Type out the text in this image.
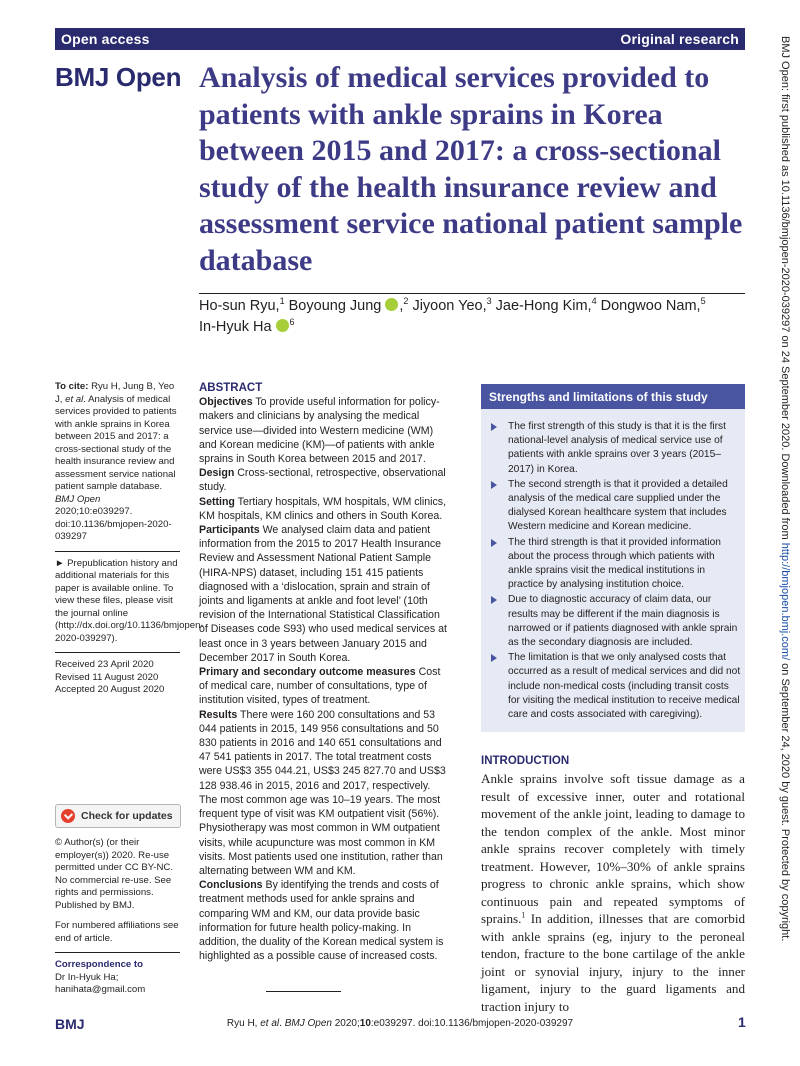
Open access	Original research
BMJ Open Analysis of medical services provided to patients with ankle sprains in Korea between 2015 and 2017: a cross-sectional study of the health insurance review and assessment service national patient sample database
Ho-sun Ryu,$^1$ Boyoung Jung ,$^2$ Jiyoon Yeo,$^3$ Jae-Hong Kim,$^4$ Dongwoo Nam,$^5$
In-Hyuk Ha $^6$	BMJ Open: first published as 10.1136/bmjopen-2020-039297 on 24 September 2020. Downloaded from http://bmjopen.bmj.com/ on September 24, 2020 by guest. Protected by copyright.

To cite: Ryu H, Jung B, Yeo J, et al. Analysis of medical services provided to patients with ankle sprains in Korea between 2015 and 2017: a cross-sectional study of the health insurance review and assessment service national patient sample database. BMJ Open 2020;10:e039297. doi:10.1136/bmjopen-2020-039297

► Prepublication history and additional materials for this paper is available online. To view these files, please visit the journal online (http://dx.doi.org/10.1136/bmjopen-2020-039297).

Received 23 April 2020

Revised 11 August 2020

Accepted 20 August 2020

Check for updates

© Author(s) (or their employer(s)) 2020. Re-use permitted under CC BY-NC. No commercial re-use. See rights and permissions. Published by BMJ.

For numbered affiliations see end of article.

Correspondence to

Dr In-Hyuk Ha;

hanihata@gmail.com

ABSTRACT

Objectives To provide useful information for policy-makers and clinicians by analysing the medical service use—divided into Western medicine (WM) and Korean medicine (KM)—of patients with ankle sprains in South Korea between 2015 and 2017.

Design Cross-sectional, retrospective, observational study.

Setting Tertiary hospitals, WM hospitals, WM clinics, KM hospitals, KM clinics and others in South Korea.

Participants We analysed claim data and patient information from the 2015 to 2017 Health Insurance Review and Assessment National Patient Sample (HIRA-NPS) dataset, including 151 415 patients diagnosed with a ‘dislocation, sprain and strain of joints and ligaments at ankle and foot level’ (10th revision of the International Statistical Classification of Diseases code S93) who used medical services at least once in 3 years between January 2015 and December 2017 in South Korea.

Primary and secondary outcome measures Cost of medical care, number of consultations, type of institution visited, types of treatment.

Results There were 160 200 consultations and 53 044 patients in 2015, 149 956 consultations and 50 830 patients in 2016 and 140 651 consultations and 47 541 patients in 2017. The total treatment costs were US$3 355 044.21, US$3 245 827.70 and US$3 128 938.46 in 2015, 2016 and 2017, respectively. The most common age was 10–19 years. The most frequent type of visit was KM outpatient visit (56%). Physiotherapy was most common in WM outpatient visits, while acupuncture was most common in KM visits. Most patients used one institution, rather than alternating between WM and KM.

Conclusions By identifying the trends and costs of treatment methods used for ankle sprains and comparing WM and KM, our data provide basic information for future health policy-making. In addition, the duality of the Korean medical system is highlighted as a possible cause of increased costs.

Strengths and limitations of this study
The first strength of this study is that it is the first national-level analysis of medical service use of patients with ankle sprains over 3 years (2015–2017) in Korea.
The second strength is that it provided a detailed analysis of the medical care supplied under the dialysed Korean healthcare system that includes Western medicine and Korean medicine.
The third strength is that it provided information about the process through which patients with ankle sprains visit the medical institutions in practice by analysing institution choice.
Due to diagnostic accuracy of claim data, our results may be different if the main diagnosis is narrowed or if patients diagnosed with ankle sprain as the secondary diagnosis are included.
The limitation is that we only analysed costs that occurred as a result of medical services and did not include non-medical costs (including transit costs for visiting the medical institution to receive medical care and costs associated with caregiving).
INTRODUCTION
Ankle sprains involve soft tissue damage as a result of excessive inner, outer and rotational movement of the ankle joint, leading to damage to the tendon complex of the ankle. Most minor ankle sprains recover completely with timely treatment. However, 10%–30% of ankle sprains progress to chronic ankle sprains, which show continuous pain and repeated symptoms of sprains.$^1$ In addition, illnesses that are comorbid with ankle sprains (eg, injury to the peroneal tendon, fracture to the bone cartilage of the ankle joint or synovial injury, injury to the inner ligament, injury to the guard ligaments and traction injury to
BMJ	Ryu H, et al. BMJ Open 2020;10:e039297. doi:10.1136/bmjopen-2020-039297	1
